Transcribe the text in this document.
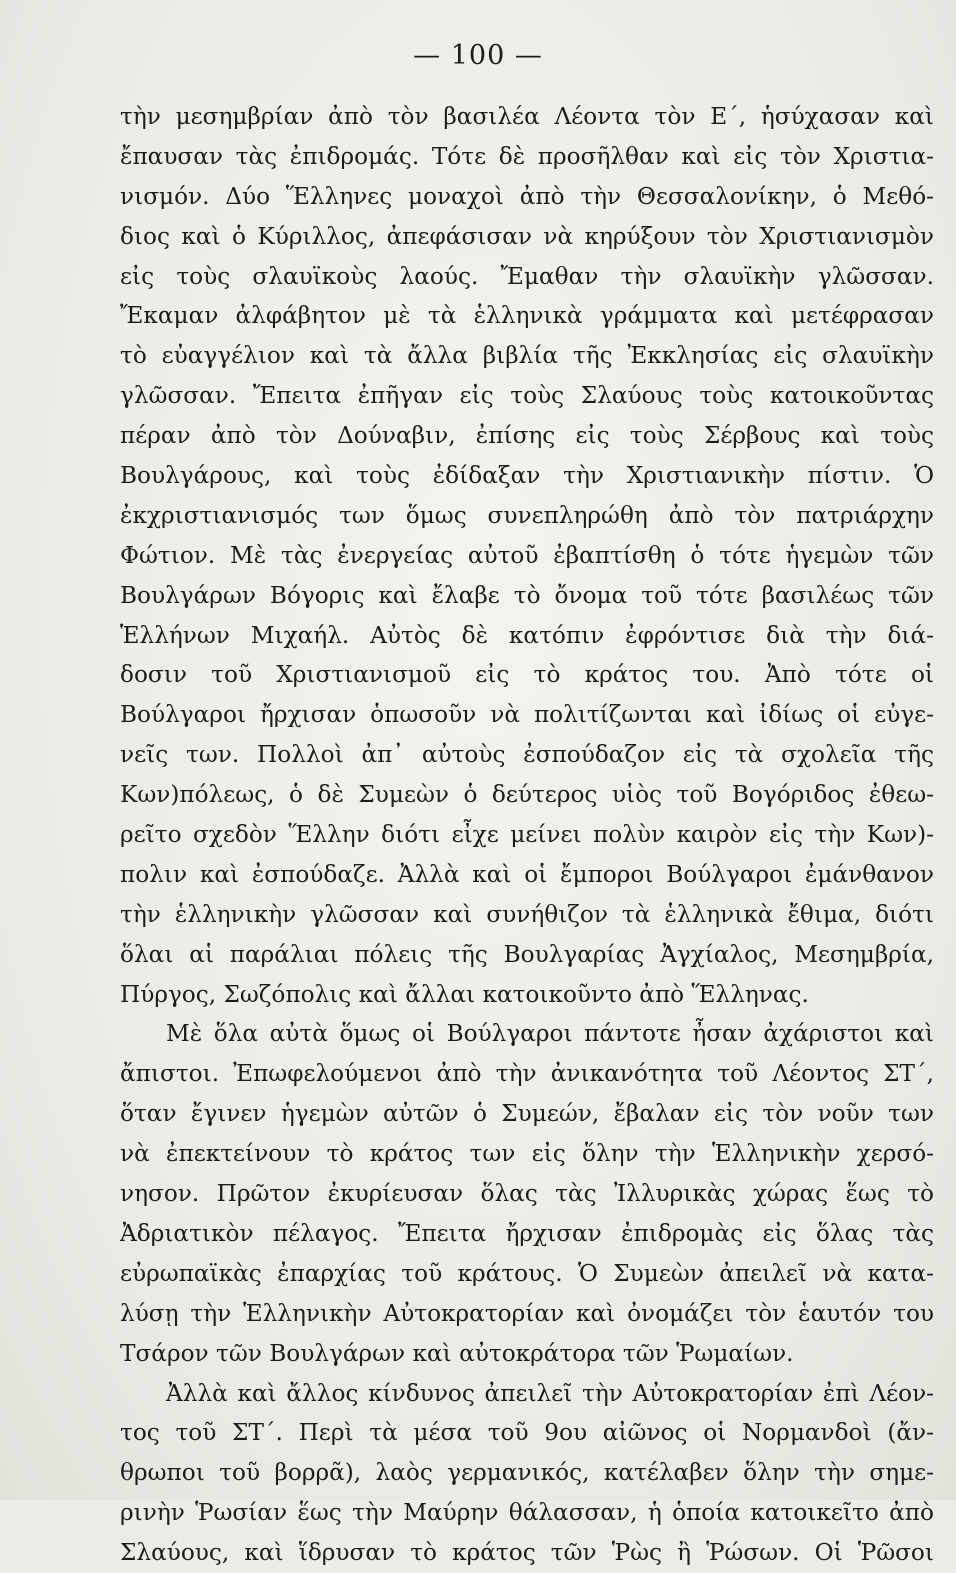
— 100 —
τὴν μεσημβρίαν ἀπὸ τὸν βασιλέα Λέοντα τὸν Ε΄, ἡσύχασαν καὶ
ἔπαυσαν τὰς ἐπιδρομάς. Τότε δὲ προσῆλθαν καὶ εἰς τὸν Χριστια-
νισμόν. Δύο Ἕλληνες μοναχοὶ ἀπὸ τὴν Θεσσαλονίκην, ὁ Μεθό-
διος καὶ ὁ Κύριλλος, ἀπεφάσισαν νὰ κηρύξουν τὸν Χριστιανισμὸν
εἰς τοὺς σλαυϊκοὺς λαούς. Ἔμαθαν τὴν σλαυϊκὴν γλῶσσαν.
Ἔκαμαν ἀλφάβητον μὲ τὰ ἑλληνικὰ γράμματα καὶ μετέφρασαν
τὸ εὐαγγέλιον καὶ τὰ ἄλλα βιβλία τῆς Ἐκκλησίας εἰς σλαυϊκὴν
γλῶσσαν. Ἔπειτα ἐπῆγαν εἰς τοὺς Σλαύους τοὺς κατοικοῦντας
πέραν ἀπὸ τὸν Δούναβιν, ἐπίσης εἰς τοὺς Σέρβους καὶ τοὺς
Βουλγάρους, καὶ τοὺς ἐδίδαξαν τὴν Χριστιανικὴν πίστιν. Ὁ
ἐκχριστιανισμός των ὅμως συνεπληρώθη ἀπὸ τὸν πατριάρχην
Φώτιον. Μὲ τὰς ἐνεργείας αὐτοῦ ἐβαπτίσθη ὁ τότε ἡγεμὼν τῶν
Βουλγάρων Βόγορις καὶ ἔλαβε τὸ ὄνομα τοῦ τότε βασιλέως τῶν
Ἑλλήνων Μιχαήλ. Αὐτὸς δὲ κατόπιν ἐφρόντισε διὰ τὴν διά-
δοσιν τοῦ Χριστιανισμοῦ εἰς τὸ κράτος του. Ἀπὸ τότε οἱ
Βούλγαροι ἤρχισαν ὁπωσοῦν νὰ πολιτίζωνται καὶ ἰδίως οἱ εὐγε-
νεῖς των. Πολλοὶ ἀπ᾿ αὐτοὺς ἐσπούδαζον εἰς τὰ σχολεῖα τῆς
Κων)πόλεως, ὁ δὲ Συμεὼν ὁ δεύτερος υἱὸς τοῦ Βογόριδος ἐθεω-
ρεῖτο σχεδὸν Ἕλλην διότι εἶχε μείνει πολὺν καιρὸν εἰς τὴν Κων)-
πολιν καὶ ἐσπούδαζε. Ἀλλὰ καὶ οἱ ἔμποροι Βούλγαροι ἐμάνθανον
τὴν ἑλληνικὴν γλῶσσαν καὶ συνήθιζον τὰ ἑλληνικὰ ἔθιμα, διότι
ὅλαι αἱ παράλιαι πόλεις τῆς Βουλγαρίας Ἀγχίαλος, Μεσημβρία,
Πύργος, Σωζόπολις καὶ ἄλλαι κατοικοῦντο ἀπὸ Ἕλληνας.
Μὲ ὅλα αὐτὰ ὅμως οἱ Βούλγαροι πάντοτε ἦσαν ἀχάριστοι καὶ
ἄπιστοι. Ἐπωφελούμενοι ἀπὸ τὴν ἀνικανότητα τοῦ Λέοντος ΣΤ΄,
ὅταν ἔγινεν ἡγεμὼν αὐτῶν ὁ Συμεών, ἔβαλαν εἰς τὸν νοῦν των
νὰ ἐπεκτείνουν τὸ κράτος των εἰς ὅλην τὴν Ἑλληνικὴν χερσό-
νησον. Πρῶτον ἐκυρίευσαν ὅλας τὰς Ἰλλυρικὰς χώρας ἕως τὸ
Ἀδριατικὸν πέλαγος. Ἔπειτα ἤρχισαν ἐπιδρομὰς εἰς ὅλας τὰς
εὐρωπαϊκὰς ἐπαρχίας τοῦ κράτους. Ὁ Συμεὼν ἀπειλεῖ νὰ κατα-
λύσῃ τὴν Ἑλληνικὴν Αὐτοκρατορίαν καὶ ὀνομάζει τὸν ἑαυτόν του
Τσάρον τῶν Βουλγάρων καὶ αὐτοκράτορα τῶν Ῥωμαίων.
Ἀλλὰ καὶ ἄλλος κίνδυνος ἀπειλεῖ τὴν Αὐτοκρατορίαν ἐπὶ Λέον-
τος τοῦ ΣΤ΄. Περὶ τὰ μέσα τοῦ 9ου αἰῶνος οἱ Νορμανδοὶ (ἄν-
θρωποι τοῦ βορρᾶ), λαὸς γερμανικός, κατέλαβεν ὅλην τὴν σημε-
ρινὴν Ῥωσίαν ἕως τὴν Μαύρην θάλασσαν, ἡ ὁποία κατοικεῖτο ἀπὸ
Σλαύους, καὶ ἵδρυσαν τὸ κράτος τῶν Ῥὼς ἢ Ῥώσων. Οἱ Ῥῶσοι
